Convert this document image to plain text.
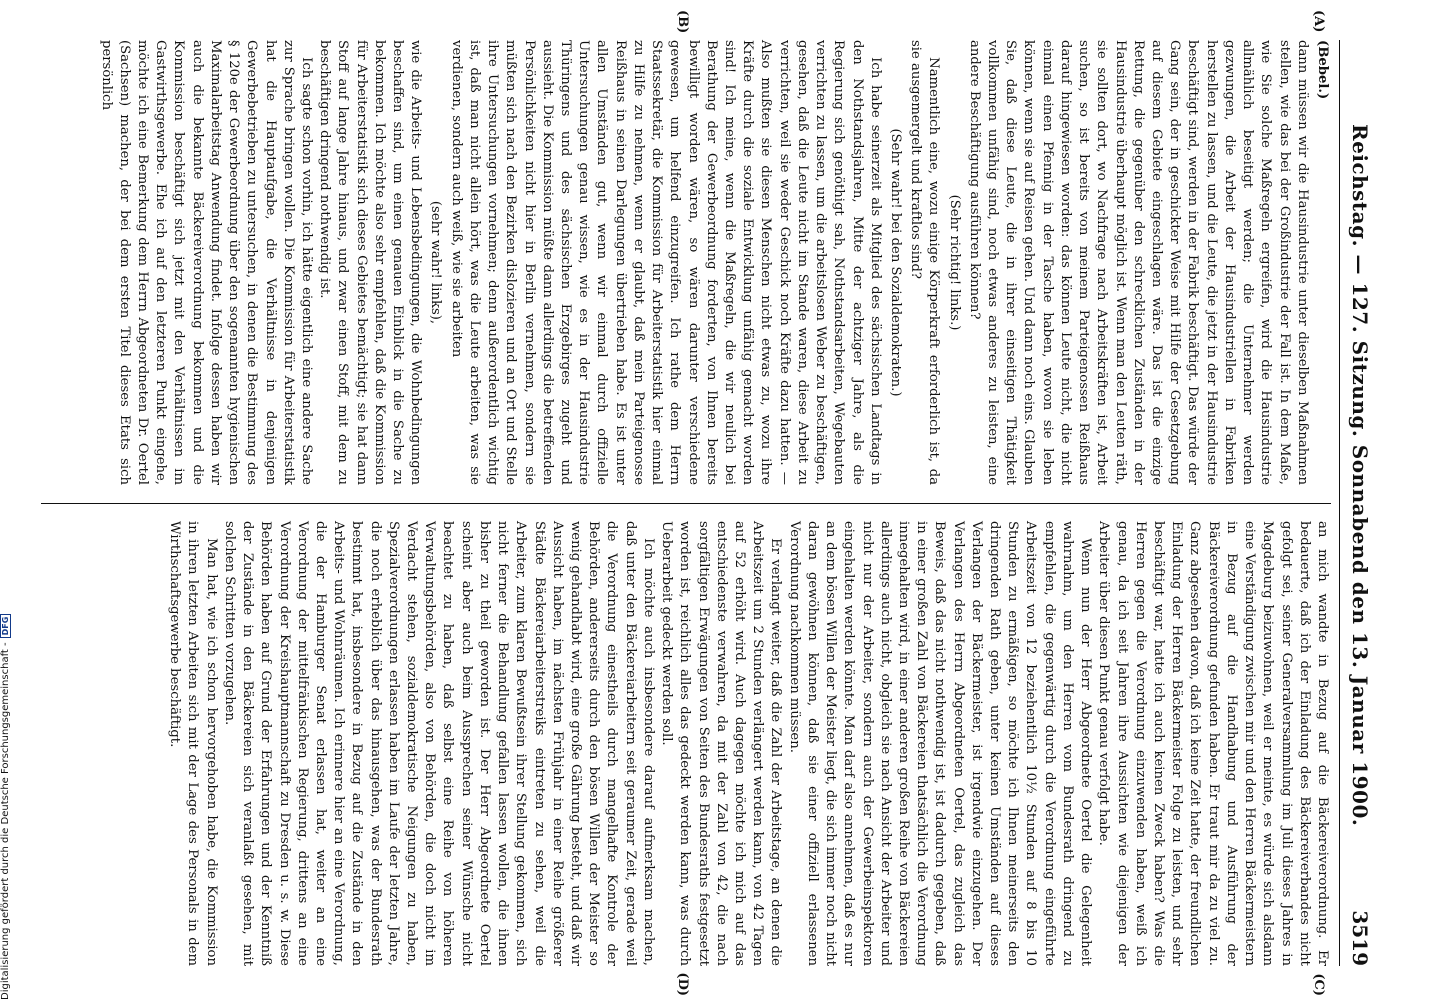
Reichstag. — 127. Sitzung. Sonnabend den 13. Januar 1900.
3519
(A)
(B)
(Bebel.)

dann müssen wir die Hausindustrie unter dieselben Maßnahmen stellen, wie das bei der Großindustrie der Fall ist. In dem Maße, wie Sie solche Maßregeln ergreifen, wird die Hausindustrie allmählich beseitigt werden; die Unternehmer werden gezwungen, die Arbeit der Hausindustriellen in Fabriken herstellen zu lassen, und die Leute, die jetzt in der Hausindustrie beschäftigt sind, werden in der Fabrik beschäftigt. Das würde der Gang sein, der in geschickter Weise mit Hilfe der Gesetzgebung auf diesem Gebiete eingeschlagen wäre. Das ist die einzige Rettung, die gegenüber den schrecklichen Zuständen in der Hausindustrie überhaupt möglich ist. Wenn man den Leuten räth, sie sollten dort, wo Nachfrage nach Arbeitskräften ist, Arbeit suchen, so ist bereits von meinem Parteigenossen Reißhaus darauf hingewiesen worden: das können Leute nicht, die nicht einmal einen Pfennig in der Tasche haben, wovon sie leben können, wenn sie auf Reisen gehen. Und dann noch eins. Glauben Sie, daß diese Leute, die in ihrer einseitigen Thätigkeit vollkommen unfähig sind, noch etwas anderes zu leisten, eine andere Beschäftigung ausführen können?

(Sehr richtig! links.)

Namentlich eine, wozu einige Körperkraft erforderlich ist, da sie ausgemergelt und kraftlos sind?

(Sehr wahr! bei den Sozialdemokraten.)

Ich habe seinerzeit als Mitglied des sächsischen Landtags in den Nothstandsjahren, Mitte der achtziger Jahre, als die Regierung sich genöthigt sah, Nothstandsarbeiten, Wegebauten verrichten zu lassen, um die arbeitslosen Weber zu beschäftigen, gesehen, daß die Leute nicht im Stande waren, diese Arbeit zu verrichten, weil sie weder Geschick noch Kräfte dazu hatten. — Also mußten sie diesen Menschen nicht etwas zu, wozu ihre Kräfte durch die soziale Entwicklung unfähig gemacht worden sind! Ich meine, wenn die Maßregeln, die wir neulich bei Berathung der Gewerbeordnung forderten, von Ihnen bereits bewilligt worden wären, so wären darunter verschiedene gewesen, um helfend einzugreifen. Ich rathe dem Herrn Staatssekretär, die Kommission für Arbeiterstatistik hier einmal zu Hilfe zu nehmen, wenn er glaubt, daß mein Parteigenosse Reißhaus in seinen Darlegungen übertrieben habe. Es ist unter allen Umständen gut, wenn wir einmal durch offizielle Untersuchungen genau wissen, wie es in der Hausindustrie Thüringens und des sächsischen Erzgebirges zugeht und aussieht. Die Kommission müßte dann allerdings die betreffenden Persönlichkeiten nicht hier in Berlin vernehmen, sondern sie müßten sich nach den Bezirken dislozieren und an Ort und Stelle ihre Untersuchungen vornehmen; denn außerordentlich wichtig ist, daß man nicht allein hört, was die Leute arbeiten, was sie verdienen, sondern auch weiß, wie sie arbeiten

(sehr wahr! links),

wie die Arbeits- und Lebensbedingungen, die Wohnbedingungen beschaffen sind, um einen genauen Einblick in die Sache zu bekommen. Ich möchte also sehr empfehlen, daß die Kommission für Arbeiterstatistik sich dieses Gebietes bemächtigt; sie hat dann Stoff auf lange Jahre hinaus, und zwar einen Stoff, mit dem zu beschäftigen dringend nothwendig ist.

Ich sagte schon vorhin, ich hätte eigentlich eine andere Sache zur Sprache bringen wollen. Die Kommission für Arbeiterstatistik hat die Hauptaufgabe, die Verhältnisse in denjenigen Gewerbebetrieben zu untersuchen, in denen die Bestimmung des § 120e der Gewerbeordnung über den sogenannten hygienischen Maximalarbeitstag Anwendung findet. Infolge dessen haben wir auch die bekannte Bäckereiverordnung bekommen und die Kommission beschäftigt sich jetzt mit den Verhältnissen im Gastwirthsgewerbe. Ehe ich auf den letzteren Punkt eingehe, möchte ich eine Bemerkung dem Herrn Abgeordneten Dr. Oertel (Sachsen) machen, der bei dem ersten Titel dieses Etats sich persönlich

(C)
(D)

an mich wandte in Bezug auf die Bäckereiverordnung. Er bedauerte, daß ich der Einladung des Bäckereiverbandes nicht gefolgt sei, seiner Generalversammlung im Juli dieses Jahres in Magdeburg beizuwohnen, weil er meinte, es würde sich alsdann eine Verständigung zwischen mir und den Herren Bäckermeistern in Bezug auf die Handhabung und Ausführung der Bäckereiverordnung gefunden haben. Er traut mir da zu viel zu. Ganz abgesehen davon, daß ich keine Zeit hatte, der freundlichen Einladung der Herren Bäckermeister Folge zu leisten, und sehr beschäftigt war, hatte ich auch keinen Zweck haben? Was die Herren gegen die Verordnung einzuwenden haben, weiß ich genau, da ich seit Jahren ihre Aussichten wie diejenigen der Arbeiter über diesen Punkt genau verfolgt habe.

Wenn nun der Herr Abgeordnete Oertel die Gelegenheit wahrnahm, um den Herren vom Bundesrath dringend zu empfehlen, die gegenwärtig durch die Verordnung eingeführte Arbeitszeit von 12 beziehentlich 10½ Stunden auf 8 bis 10 Stunden zu ermäßigen, so möchte ich Ihnen meinerseits den dringenden Rath geben, unter keinen Umständen auf dieses Verlangen der Bäckermeister, ist irgendwie einzugehen. Der Verlangen des Herrn Abgeordneten Oertel, das zugleich das Beweis, daß das nicht nothwendig ist, ist dadurch gegeben, daß in einer großen Zahl von Bäckereien thatsächlich die Verordnung innegehalten wird, in einer anderen großen Reihe von Bäckereien allerdings auch nicht, obgleich sie nach Ansicht der Arbeiter und nicht nur der Arbeiter, sondern auch der Gewerbeinspektoren eingehalten werden könnte. Man darf also annehmen, daß es nur an dem bösen Willen der Meister liegt, die sich immer noch nicht daran gewöhnen können, daß sie einer offiziell erlassenen Verordnung nachkommen müssen.

Er verlangt weiter, daß die Zahl der Arbeitstage, an denen die Arbeitszeit um 2 Stunden verlängert werden kann, von 42 Tagen auf 52 erhöht wird. Auch dagegen möchte ich mich auf das entschiedenste verwahren, da mit der Zahl von 42, die nach sorgfältigen Erwägungen von Seiten des Bundesraths festgesetzt worden ist, reichlich alles das gedeckt werden kann, was durch Ueberarbeit gedeckt werden soll.

Ich möchte auch insbesondere darauf aufmerksam machen, daß unter den Bäckereiarbeitern seit geraumer Zeit, gerade weil die Verordnung einestheils durch mangelhafte Kontrole der Behörden, andererseits durch den bösen Willen der Meister so wenig gehandhabt wird, eine große Gährung besteht, und daß wir Aussicht haben, im nächsten Frühjahr in einer Reihe größerer Städte Bäckereiarbeiterstreiks eintreten zu sehen, weil die Arbeiter, zum klaren Bewußtsein ihrer Stellung gekommen, sich nicht ferner die Behandlung gefallen lassen wollen, die ihnen bisher zu theil geworden ist. Der Herr Abgeordnete Oertel scheint aber auch beim Aussprechen seiner Wünsche nicht beachtet zu haben, daß selbst eine Reihe von höheren Verwaltungsbehörden, also von Behörden, die doch nicht im Verdacht stehen, sozialdemokratische Neigungen zu haben, Spezialverordnungen erlassen haben im Laufe der letzten Jahre, die noch erheblich über das hinausgehen, was der Bundesrath bestimmt hat, insbesondere in Bezug auf die Zustände in den Arbeits- und Wohnräumen. Ich erinnere hier an eine Verordnung, die der Hamburger Senat erlassen hat, weiter an eine Verordnung der mittelfränkischen Regierung, drittens an eine Verordnung der Kreishauptmannschaft zu Dresden u. s. w. Diese Behörden haben auf Grund der Erfahrungen und der Kenntniß der Zustände in den Bäckereien sich veranlaßt gesehen, mit solchen Schritten vorzugehen.

Man hat, wie ich schon hervorgehoben habe, die Kommission in ihren letzten Arbeiten sich mit der Lage des Personals in dem Wirthschaftsgewerbe beschäftigt.

Digitalisierung gefördert durch die Deutsche Forschungsgemeinschaft -
DFG
